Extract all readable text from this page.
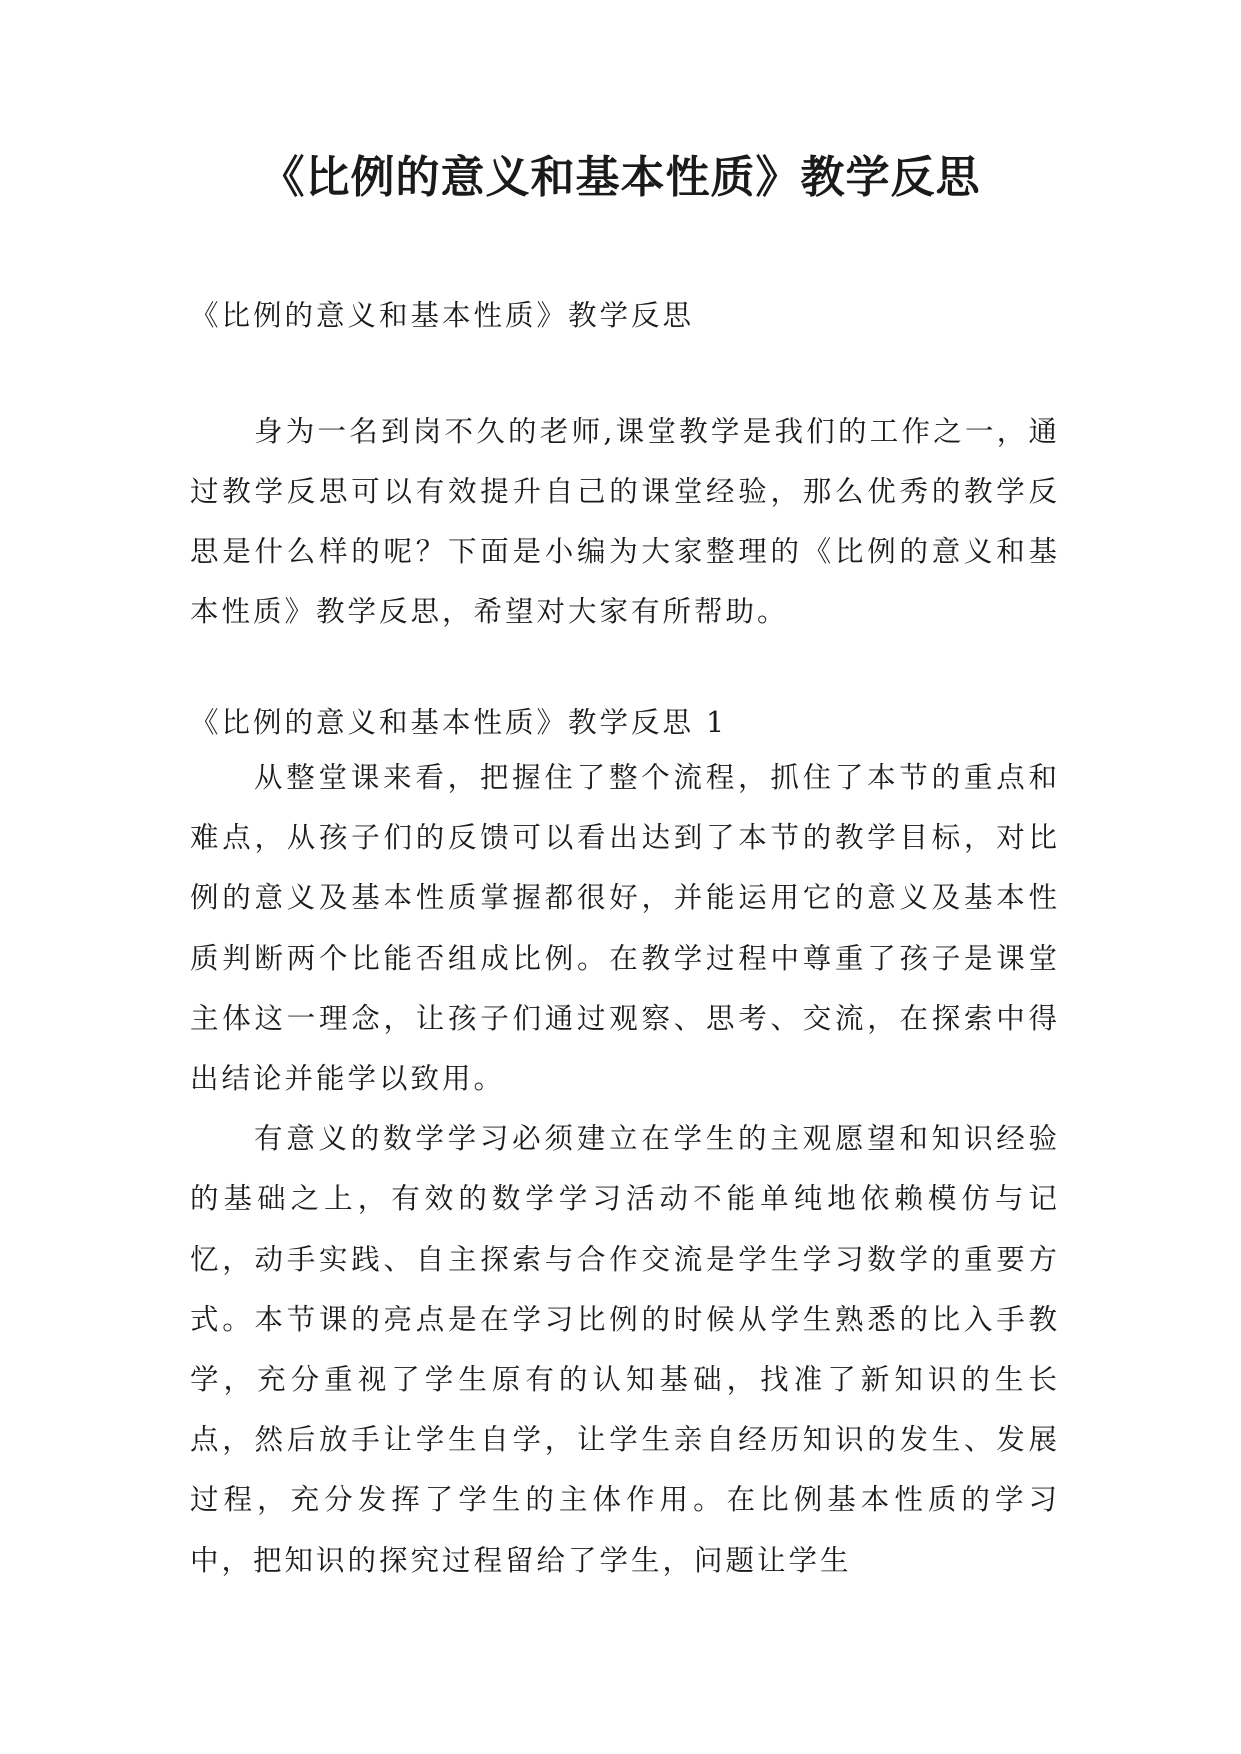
《比例的意义和基本性质》教学反思

《比例的意义和基本性质》教学反思

身为一名到岗不久的老师,课堂教学是我们的工作之一，通过教学反思可以有效提升自己的课堂经验，那么优秀的教学反思是什么样的呢？下面是小编为大家整理的《比例的意义和基本性质》教学反思，希望对大家有所帮助。

《比例的意义和基本性质》教学反思 1

从整堂课来看，把握住了整个流程，抓住了本节的重点和难点，从孩子们的反馈可以看出达到了本节的教学目标，对比例的意义及基本性质掌握都很好，并能运用它的意义及基本性质判断两个比能否组成比例。在教学过程中尊重了孩子是课堂主体这一理念，让孩子们通过观察、思考、交流，在探索中得出结论并能学以致用。

有意义的数学学习必须建立在学生的主观愿望和知识经验的基础之上，有效的数学学习活动不能单纯地依赖模仿与记忆，动手实践、自主探索与合作交流是学生学习数学的重要方式。本节课的亮点是在学习比例的时候从学生熟悉的比入手教学，充分重视了学生原有的认知基础，找准了新知识的生长点，然后放手让学生自学，让学生亲自经历知识的发生、发展过程，充分发挥了学生的主体作用。在比例基本性质的学习中，把知识的探究过程留给了学生，问题让学生
